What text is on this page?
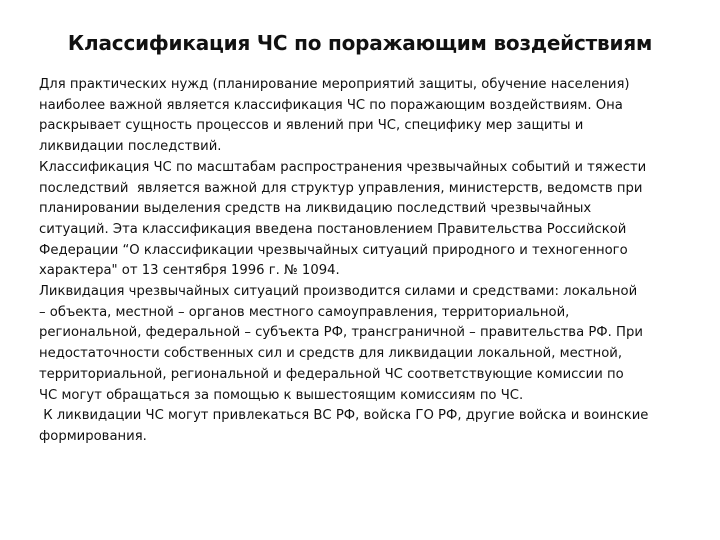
Классификация ЧС по поражающим воздействиям

Для практических нужд (планирование мероприятий защиты, обучение населения)
наиболее важной является классификация ЧС по поражающим воздействиям. Она
раскрывает сущность процессов и явлений при ЧС, специфику мер защиты и
ликвидации последствий.

Классификация ЧС по масштабам распространения чрезвычайных событий и тяжести
последствий  является важной для структур управления, министерств, ведомств при
планировании выделения средств на ликвидацию последствий чрезвычайных
ситуаций. Эта классификация введена постановлением Правительства Российской
Федерации “О классификации чрезвычайных ситуаций природного и техногенного
характера" от 13 сентября 1996 г. № 1094.

Ликвидация чрезвычайных ситуаций производится силами и средствами: локальной
– объекта, местной – органов местного самоуправления, территориальной,
региональной, федеральной – субъекта РФ, трансграничной – правительства РФ. При
недостаточности собственных сил и средств для ликвидации локальной, местной,
территориальной, региональной и федеральной ЧС соответствующие комиссии по
ЧС могут обращаться за помощью к вышестоящим комиссиям по ЧС.

К ликвидации ЧС могут привлекаться ВС РФ, войска ГО РФ, другие войска и воинские
формирования.
